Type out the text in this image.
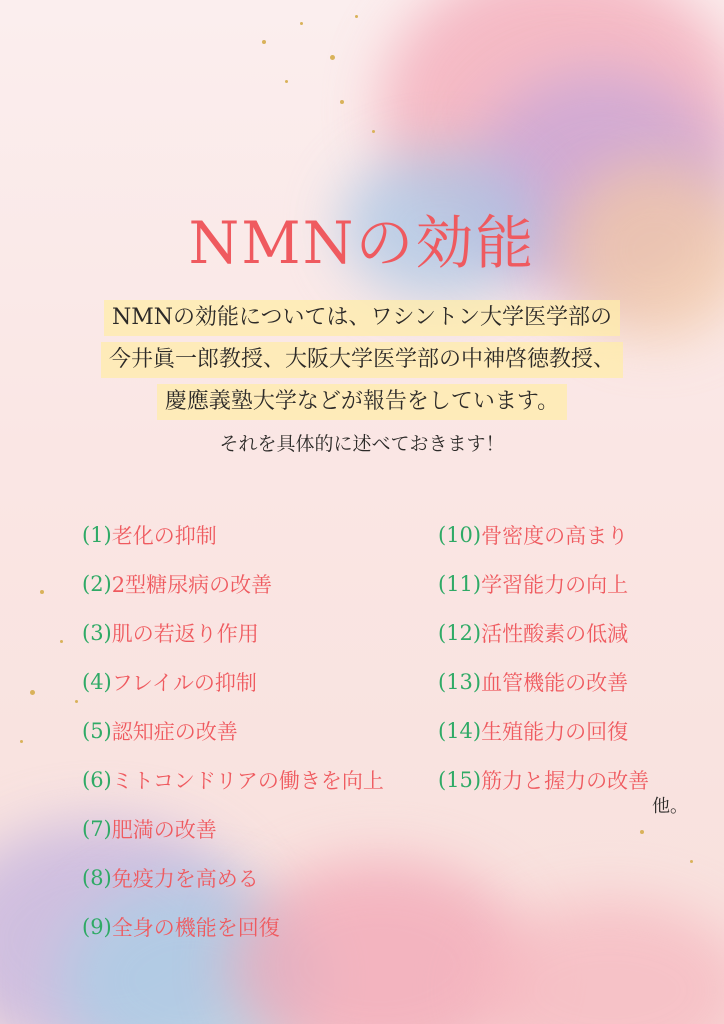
NMNの効能
NMNの効能については、ワシントン大学医学部の
今井眞一郎教授、大阪大学医学部の中神啓徳教授、
慶應義塾大学などが報告をしています。
それを具体的に述べておきます！
(1) 老化の抑制
(2) 2型糖尿病の改善
(3) 肌の若返り作用
(4) フレイルの抑制
(5) 認知症の改善
(6) ミトコンドリアの働きを向上
(7) 肥満の改善
(8) 免疫力を高める
(9) 全身の機能を回復
(10) 骨密度の高まり
(11) 学習能力の向上
(12) 活性酸素の低減
(13) 血管機能の改善
(14) 生殖能力の回復
(15) 筋力と握力の改善
他。
